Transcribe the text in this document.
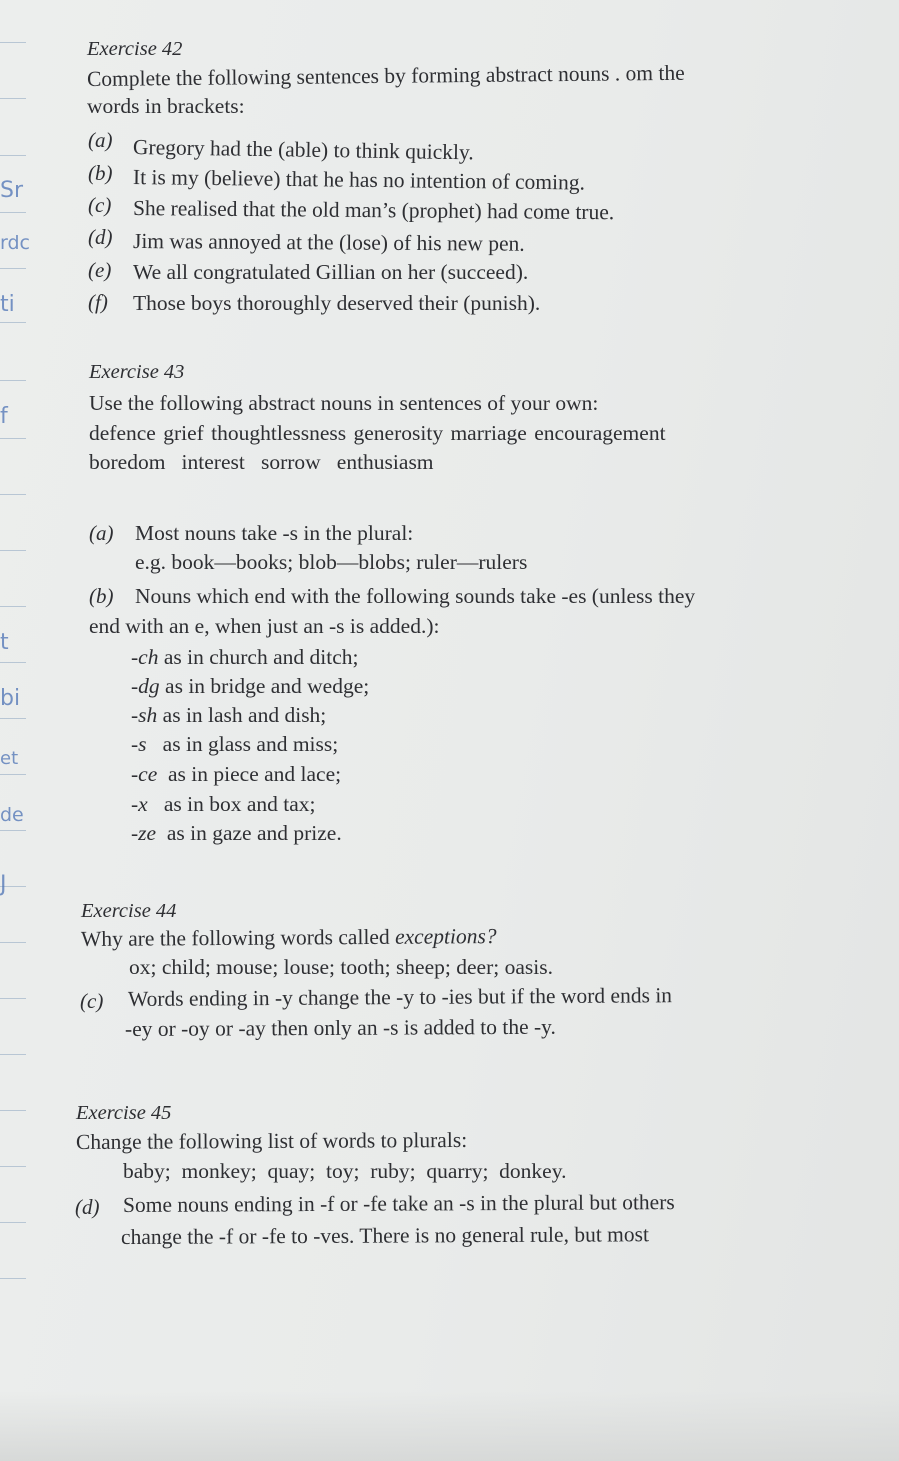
Sr
rdc
ti
f
t
bi
et
de
J
Exercise 42
Complete the following sentences by forming abstract nouns . om the
words in brackets:
(a) Gregory had the (able) to think quickly.
(b) It is my (believe) that he has no intention of coming.
(c) She realised that the old man’s (prophet) had come true.
(d) Jim was annoyed at the (lose) of his new pen.
(e) We all congratulated Gillian on her (succeed).
(f) Those boys thoroughly deserved their (punish).
Exercise 43
Use the following abstract nouns in sentences of your own:
defence grief thoughtlessness generosity marriage encouragement
boredom   interest   sorrow   enthusiasm
(a) Most nouns take -s in the plural:
e.g. book—books; blob—blobs; ruler—rulers
(b) Nouns which end with the following sounds take -es (unless they
end with an e, when just an -s is added.):
-ch as in church and ditch;
-dg as in bridge and wedge;
-sh as in lash and dish;
-s as in glass and miss;
-ce as in piece and lace;
-x as in box and tax;
-ze as in gaze and prize.
Exercise 44
Why are the following words called exceptions?
ox; child; mouse; louse; tooth; sheep; deer; oasis.
(c) Words ending in -y change the -y to -ies but if the word ends in
-ey or -oy or -ay then only an -s is added to the -y.
Exercise 45
Change the following list of words to plurals:
baby;  monkey;  quay;  toy;  ruby;  quarry;  donkey.
(d) Some nouns ending in -f or -fe take an -s in the plural but others
change the -f or -fe to -ves. There is no general rule, but most
